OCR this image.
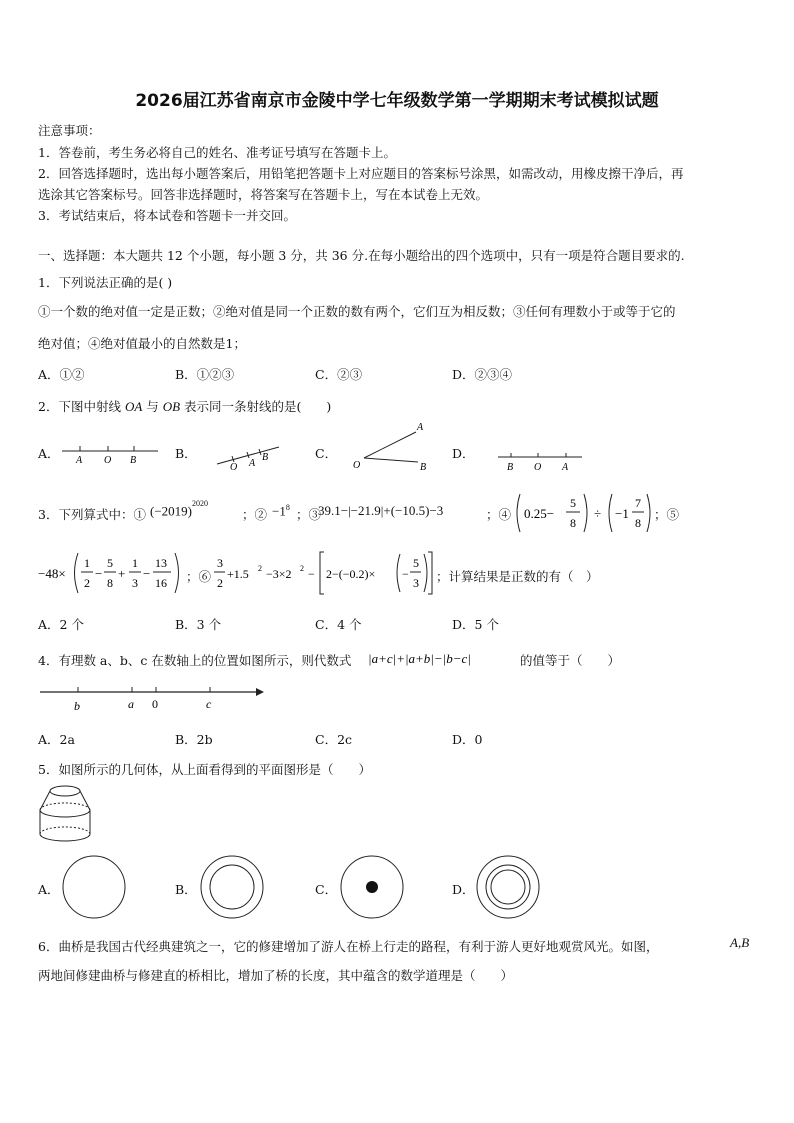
2026届江苏省南京市金陵中学七年级数学第一学期期末考试模拟试题
注意事项：
1．答卷前，考生务必将自己的姓名、准考证号填写在答题卡上。
2．回答选择题时，选出每小题答案后，用铅笔把答题卡上对应题目的答案标号涂黑，如需改动，用橡皮擦干净后，再
选涂其它答案标号。回答非选择题时，将答案写在答题卡上，写在本试卷上无效。
3．考试结束后，将本试卷和答题卡一并交回。
一、选择题：本大题共 12 个小题，每小题 3 分，共 36 分.在每小题给出的四个选项中，只有一项是符合题目要求的.
1．下列说法正确的是( )
①一个数的绝对值一定是正数；②绝对值是同一个正数的数有两个，它们互为相反数；③任何有理数小于或等于它的
绝对值；④绝对值最小的自然数是1；
A．①②	B．①②③	C．②③	D．②③④
2．下图中射线 OA 与 OB 表示同一条射线的是(　　)
A．	B．	C．	D．
A O B
O A
B
A
O	B	B O A
3．下列算式中：① $(-2019)^{2020}$
；② $-1^8$ ；③
39.1−|−21.9|+(−10.5)−3	；④ 0.25−
5
8
÷ −1
7
8
；⑤
−48×
1
2
−
5
8
+
1
3
−
13
16 ；⑥
3
2
+1.5 2 −3×2 2 − 2−(−0.2)× −
5
3 ；计算结果是正数的有（　）
A．2 个	B．3 个	C．4 个	D．5 个
4．有理数 a、b、c 在数轴上的位置如图所示，则代数式 |a+c|+|a+b|−|b−c|	的值等于（　　）
b	a 0	c
A．2a	B．2b	C．2c	D．0
5．如图所示的几何体，从上面看得到的平面图形是（　　）
A．	B．	C．	D．
6．曲桥是我国古代经典建筑之一，它的修建增加了游人在桥上行走的路程，有利于游人更好地观赏风光。如图，	A,B
两地间修建曲桥与修建直的桥相比，增加了桥的长度，其中蕴含的数学道理是（　　）
